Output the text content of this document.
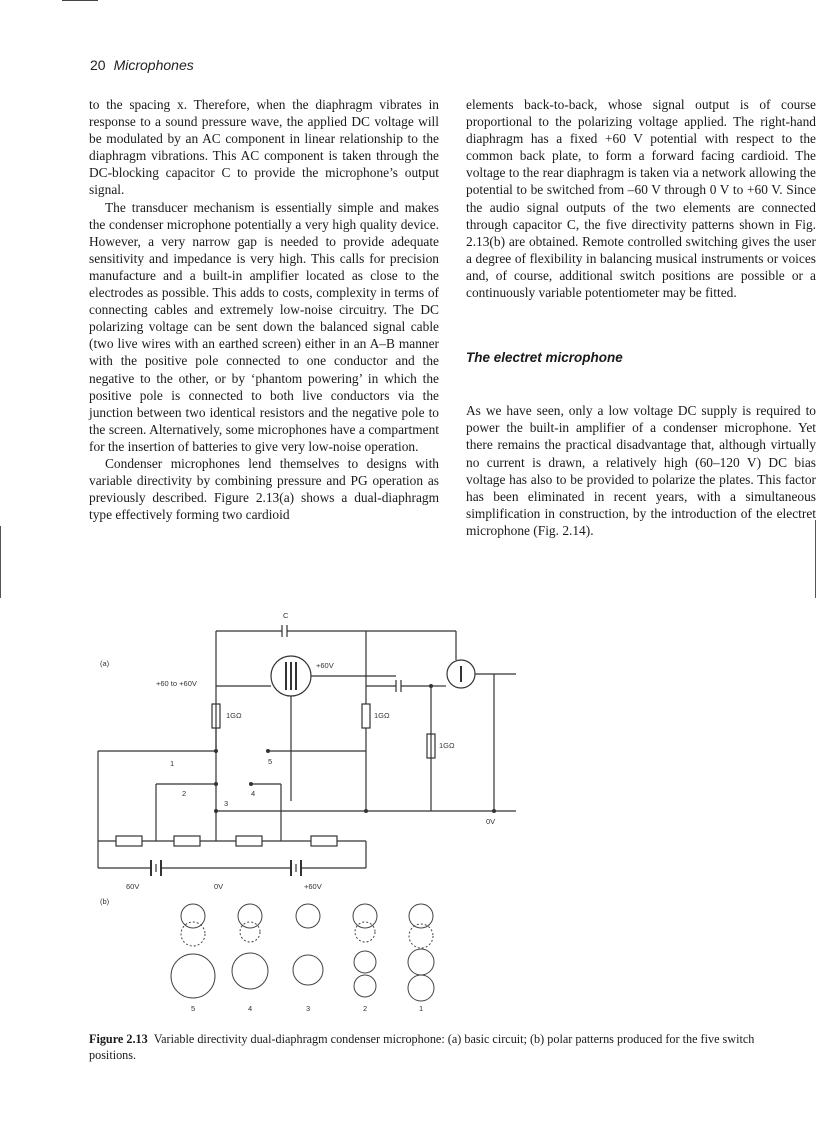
20 Microphones

to the spacing x. Therefore, when the diaphragm vibrates in response to a sound pressure wave, the applied DC voltage will be modulated by an AC component in linear relationship to the diaphragm vibrations. This AC component is taken through the DC-blocking capacitor C to provide the microphone’s output signal.

The transducer mechanism is essentially simple and makes the condenser microphone potentially a very high quality device. However, a very narrow gap is needed to provide adequate sensitivity and impedance is very high. This calls for precision manufacture and a built-in amplifier located as close to the electrodes as possible. This adds to costs, complexity in terms of connecting cables and extremely low-noise circuitry. The DC polarizing voltage can be sent down the balanced signal cable (two live wires with an earthed screen) either in an A–B manner with the positive pole connected to one conductor and the negative to the other, or by ‘phantom powering’ in which the positive pole is connected to both live conductors via the junction between two identical resistors and the negative pole to the screen. Alternatively, some microphones have a compartment for the insertion of batteries to give very low-noise operation.

Condenser microphones lend themselves to designs with variable directivity by combining pressure and PG operation as previously described. Figure 2.13(a) shows a dual-diaphragm type effectively forming two cardioid

elements back-to-back, whose signal output is of course proportional to the polarizing voltage applied. The right-hand diaphragm has a fixed +60 V potential with respect to the common back plate, to form a forward facing cardioid. The voltage to the rear diaphragm is taken via a network allowing the potential to be switched from –60 V through 0 V to +60 V. Since the audio signal outputs of the two elements are connected through capacitor C, the five directivity patterns shown in Fig. 2.13(b) are obtained. Remote controlled switching gives the user a degree of flexibility in balancing musical instruments or voices and, of course, additional switch positions are possible or a continuously variable potentiometer may be fitted.

The electret microphone

As we have seen, only a low voltage DC supply is required to power the built-in amplifier of a condenser microphone. Yet there remains the practical disadvantage that, although virtually no current is drawn, a relatively high (60–120 V) DC bias voltage has also to be provided to polarize the plates. This factor has been eliminated in recent years, with a simultaneous simplification in construction, by the introduction of the electret microphone (Fig. 2.14).

C
(a)
+60 to +60V
+60V
1GΩ	1GΩ
1GΩ
0V
1
2
3
4
5
60V	0V	+60V
(b)
5	4	3	2	1
Figure 2.13 Variable directivity dual-diaphragm condenser microphone: (a) basic circuit; (b) polar patterns produced for the five switch positions.
